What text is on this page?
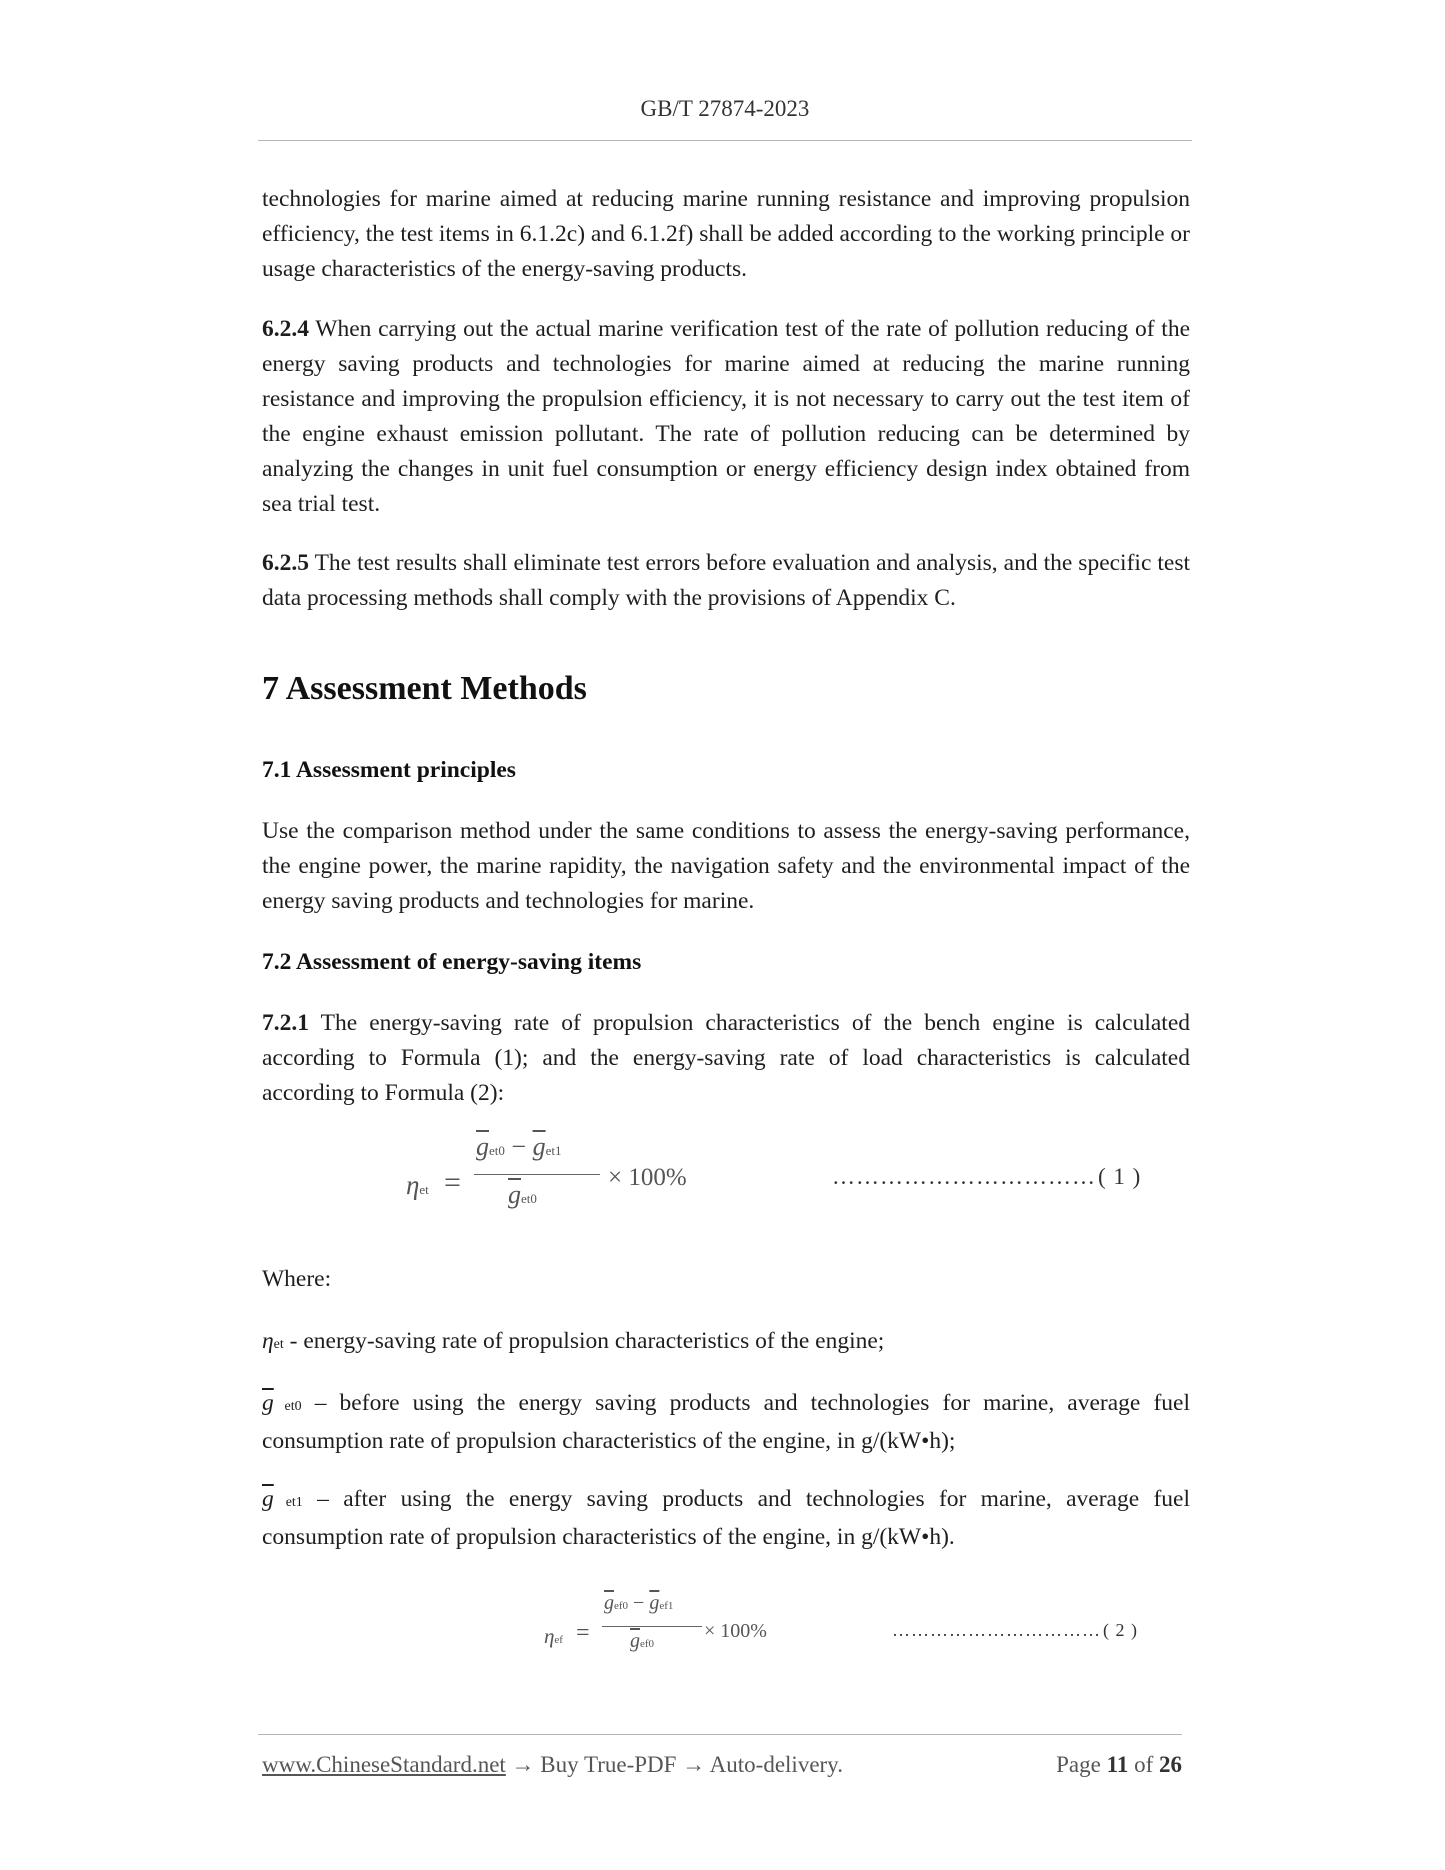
GB/T 27874-2023
technologies for marine aimed at reducing marine running resistance and improving propulsion efficiency, the test items in 6.1.2c) and 6.1.2f) shall be added according to the working principle or usage characteristics of the energy-saving products.
6.2.4 When carrying out the actual marine verification test of the rate of pollution reducing of the energy saving products and technologies for marine aimed at reducing the marine running resistance and improving the propulsion efficiency, it is not necessary to carry out the test item of the engine exhaust emission pollutant. The rate of pollution reducing can be determined by analyzing the changes in unit fuel consumption or energy efficiency design index obtained from sea trial test.
6.2.5 The test results shall eliminate test errors before evaluation and analysis, and the specific test data processing methods shall comply with the provisions of Appendix C.
7 Assessment Methods
7.1 Assessment principles
Use the comparison method under the same conditions to assess the energy-saving performance, the engine power, the marine rapidity, the navigation safety and the environmental impact of the energy saving products and technologies for marine.
7.2 Assessment of energy-saving items
7.2.1 The energy-saving rate of propulsion characteristics of the bench engine is calculated according to Formula (1); and the energy-saving rate of load characteristics is calculated according to Formula (2):
ηet =
$\overline{g}et0 - \overline{g}et1$
$\overline{g}et0$
× 100%	……………………………( 1 )
Where:
ηet - energy-saving rate of propulsion characteristics of the engine;
$\overline{g}$ et0 – before using the energy saving products and technologies for marine, average fuel consumption rate of propulsion characteristics of the engine, in g/(kW•h);
$\overline{g}$ et1 – after using the energy saving products and technologies for marine, average fuel consumption rate of propulsion characteristics of the engine, in g/(kW•h).
ηef =
$\overline{g}ef0 - \overline{g}ef1$
$\overline{g}ef0$
× 100%	…………………………… ( 2 )
www.ChineseStandard.net → Buy True-PDF → Auto-delivery.	Page 11 of 26
